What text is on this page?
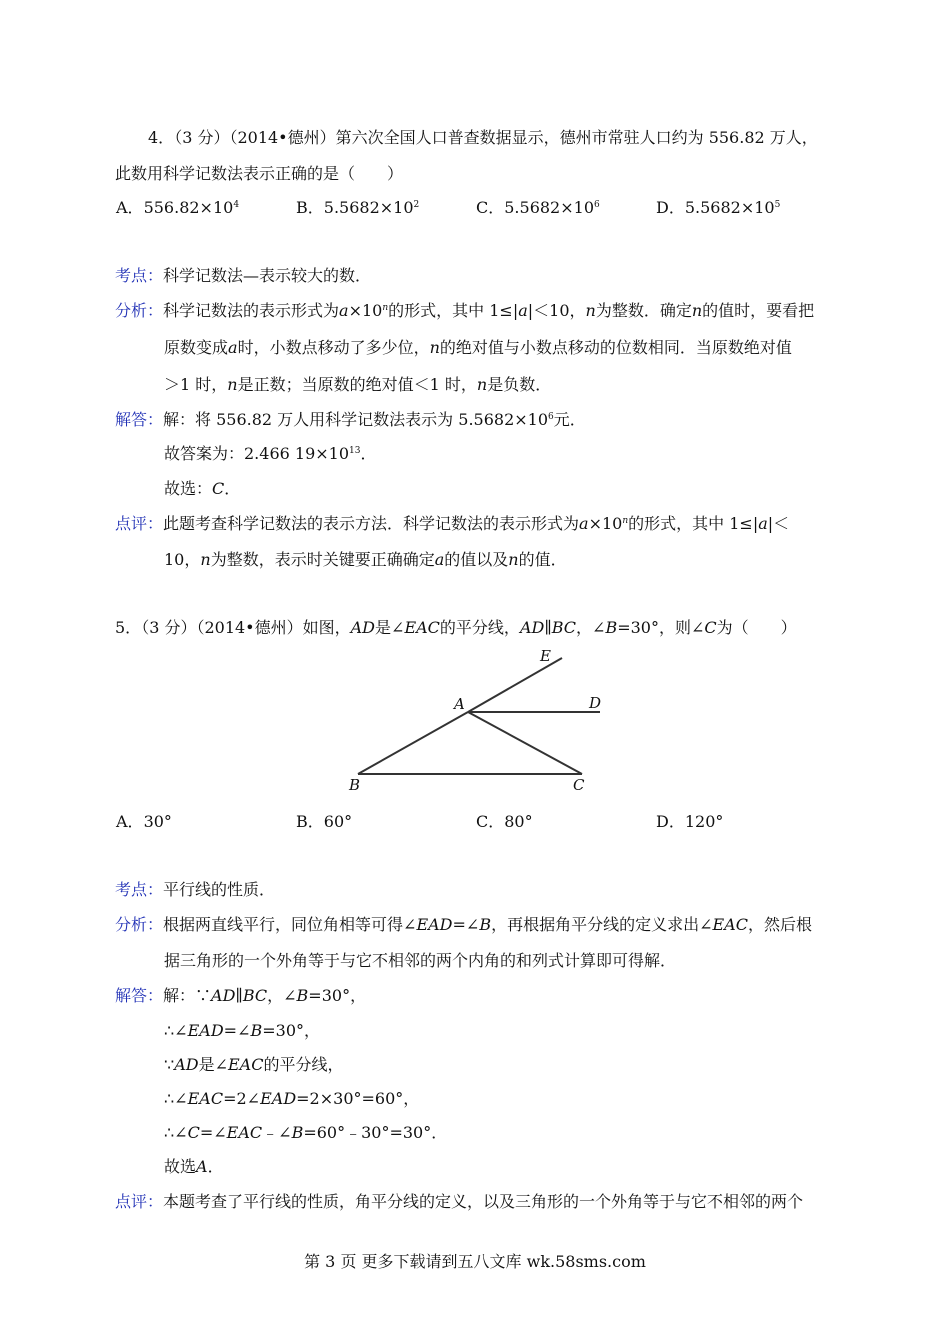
4．（3 分）（2014•德州）第六次全国人口普查数据显示，德州市常驻人口约为 556.82 万人，
此数用科学记数法表示正确的是（　　）
A．$556.82\times 10^4$	B．$5.5682\times 10^2$	C．$5.5682\times 10^6$	D．$5.5682\times 10^5$
考点：科学记数法—表示较大的数．
分析：科学记数法的表示形式为$a\times 10^n$的形式，其中 1≤|a|＜10，n为整数．确定n的值时，要看把
原数变成a时，小数点移动了多少位，n的绝对值与小数点移动的位数相同．当原数绝对值
＞1 时，n是正数；当原数的绝对值＜1 时，n是负数．
解答：解：将 556.82 万人用科学记数法表示为 $5.5682\times 10^6$元．
故答案为：2.466 $19\times 10^{13}$．
故选：C．
点评：此题考查科学记数法的表示方法．科学记数法的表示形式为$a\times 10^n$的形式，其中 1≤|a|＜
10，n为整数，表示时关键要正确确定a的值以及n的值．
5．（3 分）（2014•德州）如图，AD是∠EAC的平分线，AD∥BC，∠B=30°，则∠C为（　　）
E
A	D
B	C
A．30°	B．60°	C．80°	D．120°
考点：平行线的性质．
分析：根据两直线平行，同位角相等可得∠EAD=∠B，再根据角平分线的定义求出∠EAC，然后根
据三角形的一个外角等于与它不相邻的两个内角的和列式计算即可得解．
解答：解：∵AD∥BC，∠B=30°，
∴∠EAD=∠B=30°，
∵AD是∠EAC的平分线，
∴∠EAC=2∠EAD=2×30°=60°，
∴∠C=∠EAC﹣∠B=60°﹣30°=30°．
故选A．
点评：本题考查了平行线的性质，角平分线的定义，以及三角形的一个外角等于与它不相邻的两个
第 3 页 更多下载请到五八文库 wk.58sms.com
